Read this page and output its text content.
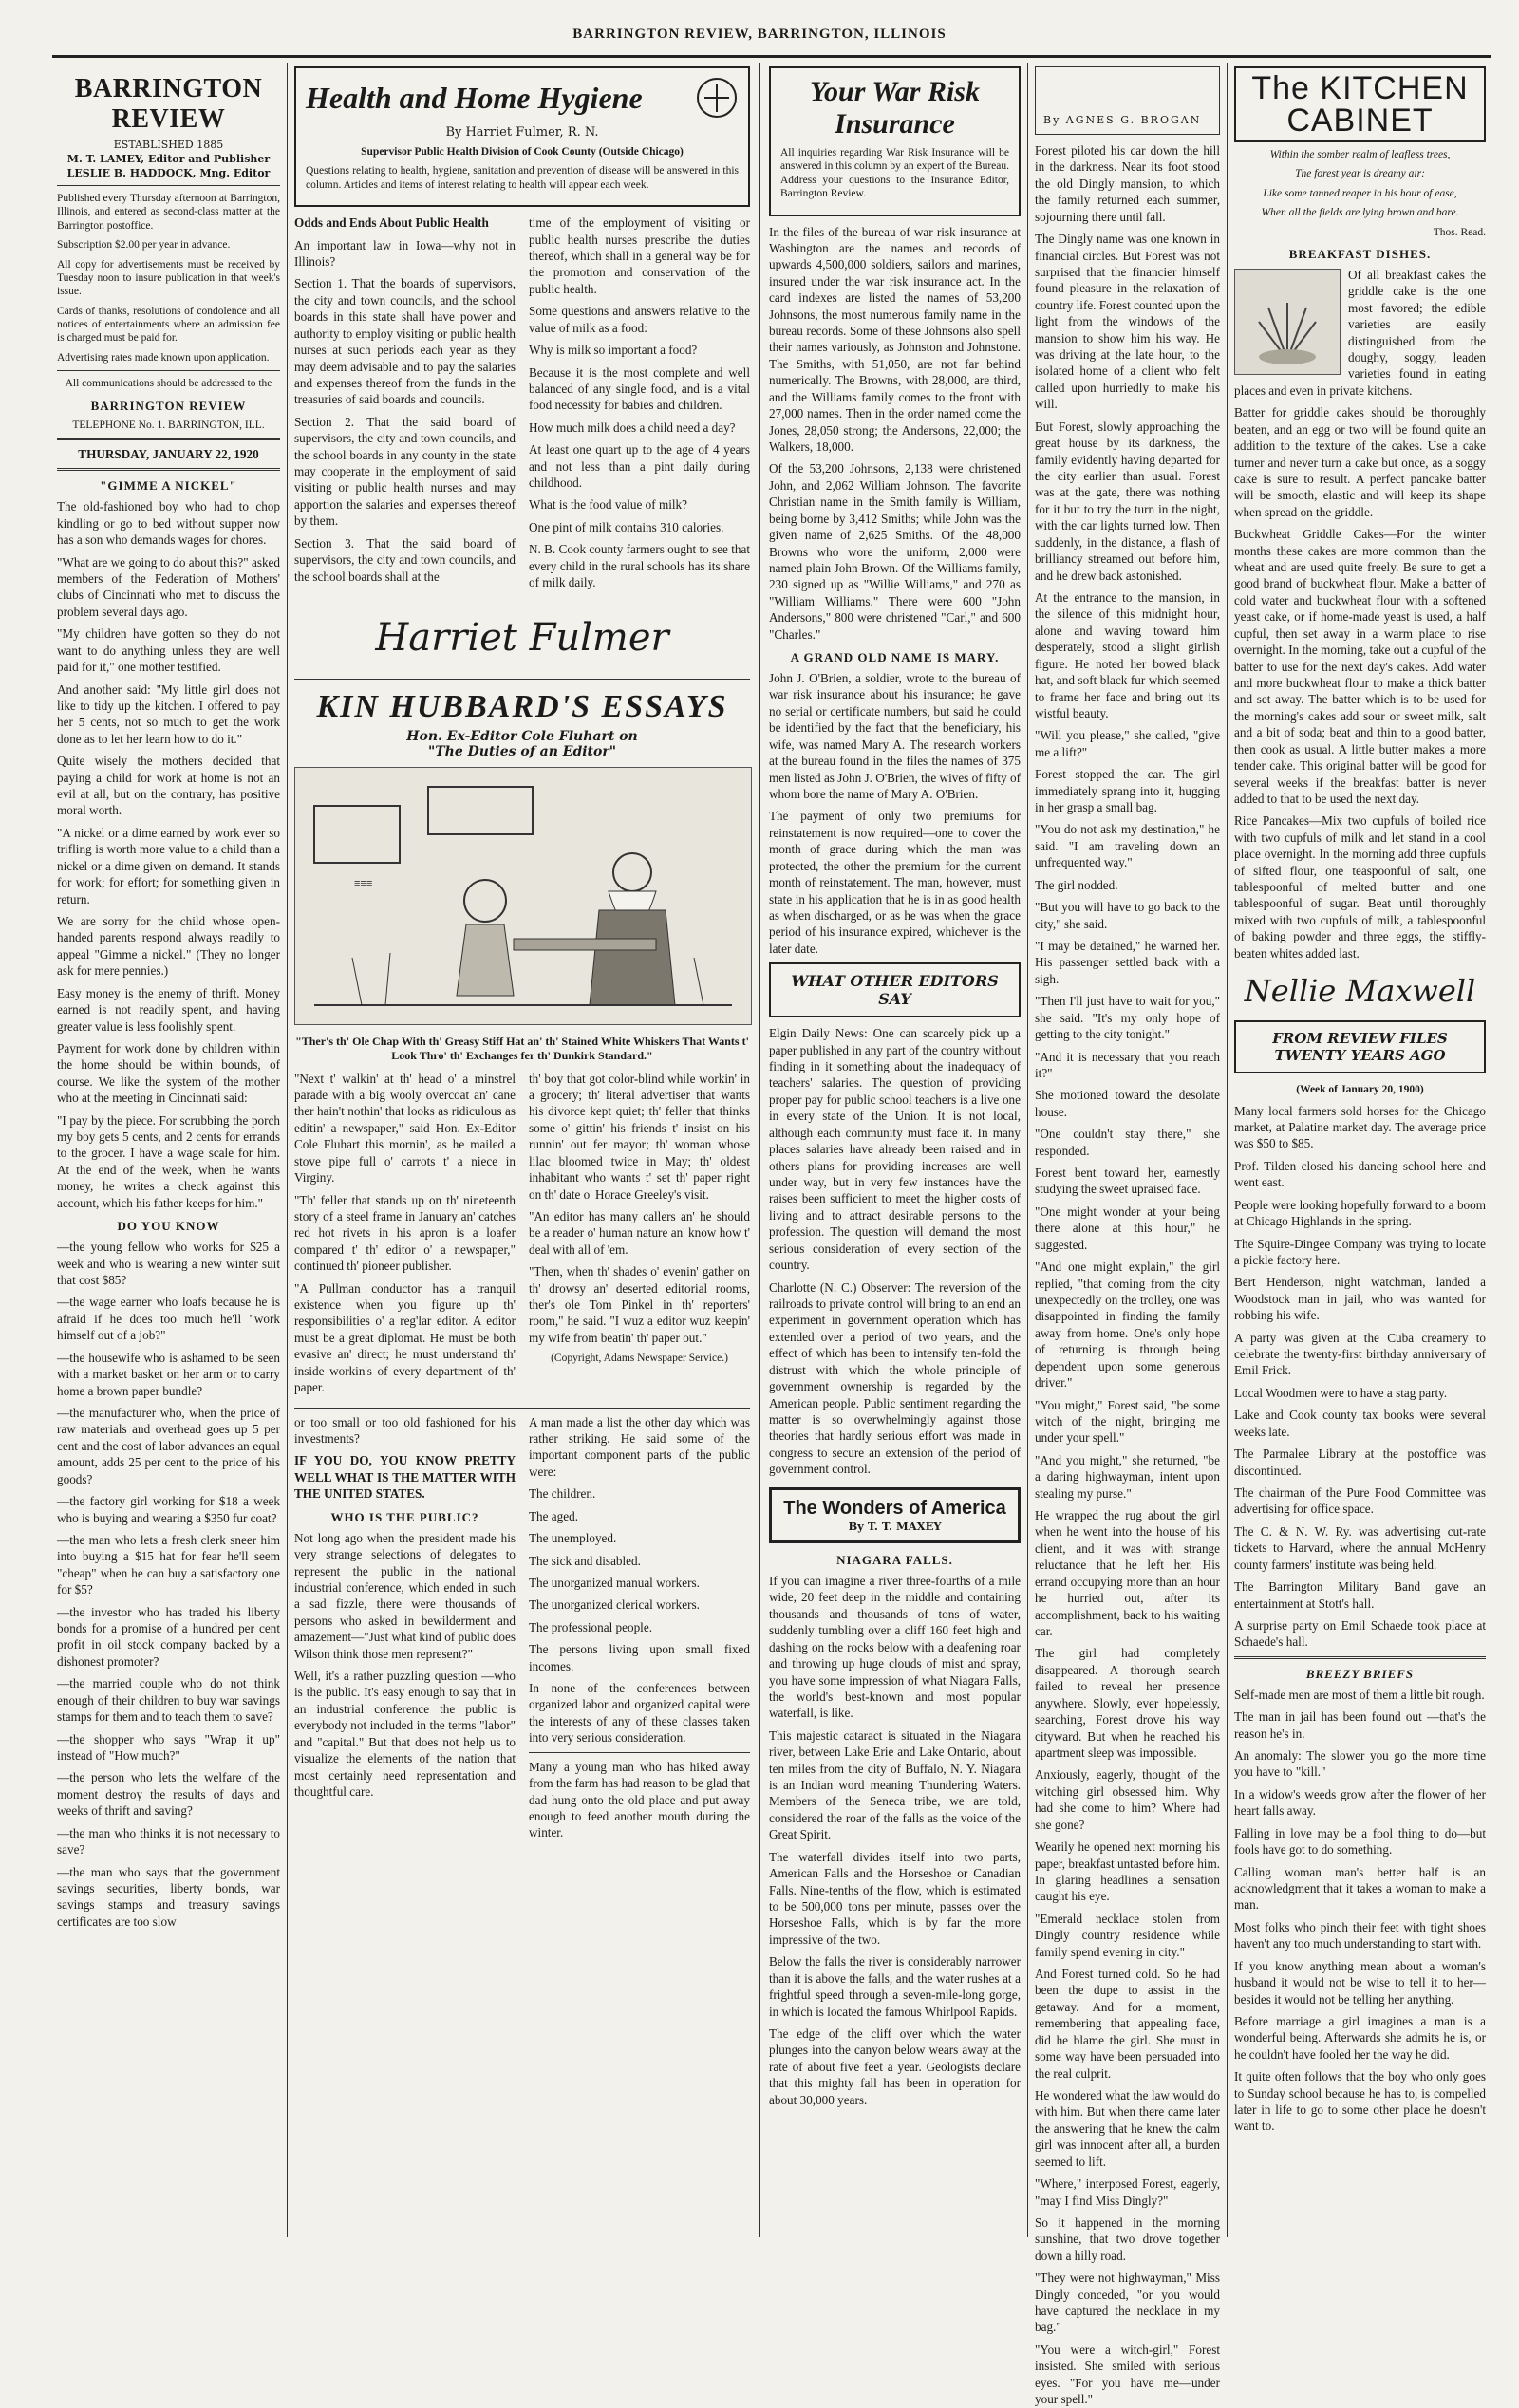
BARRINGTON REVIEW, BARRINGTON, ILLINOIS
BARRINGTON REVIEW
ESTABLISHED 1885
M. T. LAMEY, Editor and Publisher
LESLIE B. HADDOCK, Mng. Editor

Published every Thursday afternoon at Barrington, Illinois, and entered as second-class matter at the Barrington postoffice.

Subscription $2.00 per year in advance.

All copy for advertisements must be received by Tuesday noon to insure publication in that week's issue.

Cards of thanks, resolutions of condolence and all notices of entertainments where an admission fee is charged must be paid for.

Advertising rates made known upon application.

All communications should be addressed to the

BARRINGTON REVIEW

TELEPHONE No. 1. BARRINGTON, ILL.

THURSDAY, JANUARY 22, 1920

"GIMME A NICKEL"

The old-fashioned boy who had to chop kindling or go to bed without supper now has a son who demands wages for chores.

"What are we going to do about this?" asked members of the Federation of Mothers' clubs of Cincinnati who met to discuss the problem several days ago.

"My children have gotten so they do not want to do anything unless they are well paid for it," one mother testified.

And another said: "My little girl does not like to tidy up the kitchen. I offered to pay her 5 cents, not so much to get the work done as to let her learn how to do it."

Quite wisely the mothers decided that paying a child for work at home is not an evil at all, but on the contrary, has positive moral worth.

"A nickel or a dime earned by work ever so trifling is worth more value to a child than a nickel or a dime given on demand. It stands for work; for effort; for something given in return.

We are sorry for the child whose open-handed parents respond always readily to appeal "Gimme a nickel." (They no longer ask for mere pennies.)

Easy money is the enemy of thrift. Money earned is not readily spent, and having greater value is less foolishly spent.

Payment for work done by children within the home should be within bounds, of course. We like the system of the mother who at the meeting in Cincinnati said:

"I pay by the piece. For scrubbing the porch my boy gets 5 cents, and 2 cents for errands to the grocer. I have a wage scale for him. At the end of the week, when he wants money, he writes a check against this account, which his father keeps for him."

DO YOU KNOW

—the young fellow who works for $25 a week and who is wearing a new winter suit that cost $85?

—the wage earner who loafs because he is afraid if he does too much he'll "work himself out of a job?"

—the housewife who is ashamed to be seen with a market basket on her arm or to carry home a brown paper bundle?

—the manufacturer who, when the price of raw materials and overhead goes up 5 per cent and the cost of labor advances an equal amount, adds 25 per cent to the price of his goods?

—the factory girl working for $18 a week who is buying and wearing a $350 fur coat?

—the man who lets a fresh clerk sneer him into buying a $15 hat for fear he'll seem "cheap" when he can buy a satisfactory one for $5?

—the investor who has traded his liberty bonds for a promise of a hundred per cent profit in oil stock company backed by a dishonest promoter?

—the married couple who do not think enough of their children to buy war savings stamps for them and to teach them to save?

—the shopper who says "Wrap it up" instead of "How much?"

—the person who lets the welfare of the moment destroy the results of days and weeks of thrift and saving?

—the man who thinks it is not necessary to save?

—the man who says that the government savings securities, liberty bonds, war savings stamps and treasury savings certificates are too slow

Health and Home Hygiene
By Harriet Fulmer, R. N.

Supervisor Public Health Division of Cook County (Outside Chicago)

Questions relating to health, hygiene, sanitation and prevention of disease will be answered in this column. Articles and items of interest relating to health will appear each week.

Odds and Ends About Public Health

An important law in Iowa—why not in Illinois?

Section 1. That the boards of supervisors, the city and town councils, and the school boards in this state shall have power and authority to employ visiting or public health nurses at such periods each year as they may deem advisable and to pay the salaries and expenses thereof from the funds in the treasuries of said boards and councils.

Section 2. That the said board of supervisors, the city and town councils, and the school boards in any county in the state may cooperate in the employment of said visiting or public health nurses and may apportion the salaries and expenses thereof by them.

Section 3. That the said board of supervisors, the city and town councils, and the school boards shall at the

time of the employment of visiting or public health nurses prescribe the duties thereof, which shall in a general way be for the promotion and conservation of the public health.

Some questions and answers relative to the value of milk as a food:

Why is milk so important a food?

Because it is the most complete and well balanced of any single food, and is a vital food necessity for babies and children.

How much milk does a child need a day?

At least one quart up to the age of 4 years and not less than a pint daily during childhood.

What is the food value of milk?

One pint of milk contains 310 calories.

N. B. Cook county farmers ought to see that every child in the rural schools has its share of milk daily.

Harriet Fulmer
KIN HUBBARD'S ESSAYS
Hon. Ex-Editor Cole Fluhart on
"The Duties of an Editor"
≡≡≡
"Ther's th' Ole Chap With th' Greasy Stiff Hat an' th' Stained White Whiskers That Wants t' Look Thro' th' Exchanges fer th' Dunkirk Standard."

"Next t' walkin' at th' head o' a minstrel parade with a big wooly overcoat an' cane ther hain't nothin' that looks as ridiculous as editin' a newspaper," said Hon. Ex-Editor Cole Fluhart this mornin', as he mailed a stove pipe full o' carrots t' a niece in Virginy.

"Th' feller that stands up on th' nineteenth story of a steel frame in January an' catches red hot rivets in his apron is a loafer compared t' th' editor o' a newspaper," continued th' pioneer publisher.

"A Pullman conductor has a tranquil existence when you figure up th' responsibilities o' a reg'lar editor. A editor must be a great diplomat. He must be both evasive an' direct; he must understand th' inside workin's of every department of th' paper.

th' boy that got color-blind while workin' in a grocery; th' literal advertiser that wants his divorce kept quiet; th' feller that thinks some o' gittin' his friends t' insist on his runnin' out fer mayor; th' woman whose lilac bloomed twice in May; th' oldest inhabitant who wants t' set th' paper right on th' date o' Horace Greeley's visit.

"An editor has many callers an' he should be a reader o' human nature an' know how t' deal with all of 'em.

"Then, when th' shades o' evenin' gather on th' drowsy an' deserted editorial rooms, ther's ole Tom Pinkel in th' reporters' room," he said. "I wuz a editor wuz keepin' my wife from beatin' th' paper out."

(Copyright, Adams Newspaper Service.)

or too small or too old fashioned for his investments?

IF YOU DO, YOU KNOW PRETTY WELL WHAT IS THE MATTER WITH THE UNITED STATES.

WHO IS THE PUBLIC?

Not long ago when the president made his very strange selections of delegates to represent the public in the national industrial conference, which ended in such a sad fizzle, there were thousands of persons who asked in bewilderment and amazement—"Just what kind of public does Wilson think those men represent?"

Well, it's a rather puzzling question —who is the public. It's easy enough to say that in an industrial conference the public is everybody not included in the terms "labor" and "capital." But that does not help us to visualize the elements of the nation that most certainly need representation and thoughtful care.

A man made a list the other day which was rather striking. He said some of the important component parts of the public were:

The children.

The aged.

The unemployed.

The sick and disabled.

The unorganized manual workers.

The unorganized clerical workers.

The professional people.

The persons living upon small fixed incomes.

In none of the conferences between organized labor and organized capital were the interests of any of these classes taken into very serious consideration.

Many a young man who has hiked away from the farm has had reason to be glad that dad hung onto the old place and put away enough to feed another mouth during the winter.

Your War Risk
Insurance

All inquiries regarding War Risk Insurance will be answered in this column by an expert of the Bureau. Address your questions to the Insurance Editor, Barrington Review.

In the files of the bureau of war risk insurance at Washington are the names and records of upwards 4,500,000 soldiers, sailors and marines, insured under the war risk insurance act. In the card indexes are listed the names of 53,200 Johnsons, the most numerous family name in the bureau records. Some of these Johnsons also spell their names variously, as Johnston and Johnstone. The Smiths, with 51,050, are not far behind numerically. The Browns, with 28,000, are third, and the Williams family comes to the front with 27,000 names. Then in the order named come the Jones, 28,050 strong; the Andersons, 22,000; the Walkers, 18,000.

Of the 53,200 Johnsons, 2,138 were christened John, and 2,062 William Johnson. The favorite Christian name in the Smith family is William, being borne by 3,412 Smiths; while John was the given name of 2,625 Smiths. Of the 48,000 Browns who wore the uniform, 2,000 were named plain John Brown. Of the Williams family, 230 signed up as "Willie Williams," and 270 as "William Williams." There were 600 "John Andersons," 800 were christened "Carl," and 600 "Charles."

A GRAND OLD NAME IS MARY.

John J. O'Brien, a soldier, wrote to the bureau of war risk insurance about his insurance; he gave no serial or certificate numbers, but said he could be identified by the fact that the beneficiary, his wife, was named Mary A. The research workers at the bureau found in the files the names of 375 men listed as John J. O'Brien, the wives of fifty of whom bore the name of Mary A. O'Brien.

The payment of only two premiums for reinstatement is now required—one to cover the month of grace during which the man was protected, the other the premium for the current month of reinstatement. The man, however, must state in his application that he is in as good health as when discharged, or as he was when the grace period of his insurance expired, whichever is the later date.

WHAT OTHER EDITORS SAY

Elgin Daily News: One can scarcely pick up a paper published in any part of the country without finding in it something about the inadequacy of teachers' salaries. The question of providing proper pay for public school teachers is a live one in every state of the Union. It is not local, although each community must face it. In many places salaries have already been raised and in others plans for providing increases are well under way, but in very few instances have the raises been sufficient to meet the higher costs of living and to attract desirable persons to the profession. The question will demand the most serious consideration of every section of the country.

Charlotte (N. C.) Observer: The reversion of the railroads to private control will bring to an end an experiment in government operation which has extended over a period of two years, and the effect of which has been to intensify ten-fold the distrust with which the whole principle of government ownership is regarded by the American people. Public sentiment regarding the matter is so overwhelmingly against those theories that hardly serious effort was made in congress to secure an extension of the period of government control.

The Wonders of America
By T. T. MAXEY
NIAGARA FALLS.

If you can imagine a river three-fourths of a mile wide, 20 feet deep in the middle and containing thousands and thousands of tons of water, suddenly tumbling over a cliff 160 feet high and dashing on the rocks below with a deafening roar and throwing up huge clouds of mist and spray, you have some impression of what Niagara Falls, the world's best-known and most popular waterfall, is like.

This majestic cataract is situated in the Niagara river, between Lake Erie and Lake Ontario, about ten miles from the city of Buffalo, N. Y. Niagara is an Indian word meaning Thundering Waters. Members of the Seneca tribe, we are told, considered the roar of the falls as the voice of the Great Spirit.

The waterfall divides itself into two parts, American Falls and the Horseshoe or Canadian Falls. Nine-tenths of the flow, which is estimated to be 500,000 tons per minute, passes over the Horseshoe Falls, which is by far the more impressive of the two.

Below the falls the river is considerably narrower than it is above the falls, and the water rushes at a frightful speed through a seven-mile-long gorge, in which is located the famous Whirlpool Rapids.

The edge of the cliff over which the water plunges into the canyon below wears away at the rate of about five feet a year. Geologists declare that this mighty fall has been in operation for about 30,000 years.

By AGNES G. BROGAN

Forest piloted his car down the hill in the darkness. Near its foot stood the old Dingly mansion, to which the family returned each summer, sojourning there until fall.

The Dingly name was one known in financial circles. But Forest was not surprised that the financier himself found pleasure in the relaxation of country life. Forest counted upon the light from the windows of the mansion to show him his way. He was driving at the late hour, to the isolated home of a client who felt called upon hurriedly to make his will.

But Forest, slowly approaching the great house by its darkness, the family evidently having departed for the city earlier than usual. Forest was at the gate, there was nothing for it but to try the turn in the night, with the car lights turned low. Then suddenly, in the distance, a flash of brilliancy streamed out before him, and he drew back astonished.

At the entrance to the mansion, in the silence of this midnight hour, alone and waving toward him desperately, stood a slight girlish figure. He noted her bowed black hat, and soft black fur which seemed to frame her face and bring out its wistful beauty.

"Will you please," she called, "give me a lift?"

Forest stopped the car. The girl immediately sprang into it, hugging in her grasp a small bag.

"You do not ask my destination," he said. "I am traveling down an unfrequented way."

The girl nodded.

"But you will have to go back to the city," she said.

"I may be detained," he warned her. His passenger settled back with a sigh.

"Then I'll just have to wait for you," she said. "It's my only hope of getting to the city tonight."

"And it is necessary that you reach it?"

She motioned toward the desolate house.

"One couldn't stay there," she responded.

Forest bent toward her, earnestly studying the sweet upraised face.

"One might wonder at your being there alone at this hour," he suggested.

"And one might explain," the girl replied, "that coming from the city unexpectedly on the trolley, one was disappointed in finding the family away from home. One's only hope of returning is through being dependent upon some generous driver."

"You might," Forest said, "be some witch of the night, bringing me under your spell."

"And you might," she returned, "be a daring highwayman, intent upon stealing my purse."

He wrapped the rug about the girl when he went into the house of his client, and it was with strange reluctance that he left her. His errand occupying more than an hour he hurried out, after its accomplishment, back to his waiting car.

The girl had completely disappeared. A thorough search failed to reveal her presence anywhere. Slowly, ever hopelessly, searching, Forest drove his way cityward. But when he reached his apartment sleep was impossible.

Anxiously, eagerly, thought of the witching girl obsessed him. Why had she come to him? Where had she gone?

Wearily he opened next morning his paper, breakfast untasted before him. In glaring headlines a sensation caught his eye.

"Emerald necklace stolen from Dingly country residence while family spend evening in city."

And Forest turned cold. So he had been the dupe to assist in the getaway. And for a moment, remembering that appealing face, did he blame the girl. She must in some way have been persuaded into the real culprit.

He wondered what the law would do with him. But when there came later the answering that he knew the calm girl was innocent after all, a burden seemed to lift.

"Where," interposed Forest, eagerly, "may I find Miss Dingly?"

So it happened in the morning sunshine, that two drove together down a hilly road.

"They were not highwayman," Miss Dingly conceded, "or you would have captured the necklace in my bag."

"You were a witch-girl," Forest insisted. She smiled with serious eyes. "For you have me—under your spell."

The KITCHEN CABINET

Within the somber realm of leafless trees,

The forest year is dreamy air:

Like some tanned reaper in his hour of ease,

When all the fields are lying brown and bare.

—Thos. Read.

BREAKFAST DISHES.

Of all breakfast cakes the griddle cake is the one most favored; the edible varieties are easily distinguished from the doughy, soggy, leaden varieties found in eating places and even in private kitchens.

Batter for griddle cakes should be thoroughly beaten, and an egg or two will be found quite an addition to the texture of the cakes. Use a cake turner and never turn a cake but once, as a soggy cake is sure to result. A perfect pancake batter will be smooth, elastic and will keep its shape when spread on the griddle.

Buckwheat Griddle Cakes—For the winter months these cakes are more common than the wheat and are used quite freely. Be sure to get a good brand of buckwheat flour. Make a batter of cold water and buckwheat flour with a softened yeast cake, or if home-made yeast is used, a half cupful, then set away in a warm place to rise overnight. In the morning, take out a cupful of the batter to use for the next day's cakes. Add water and more buckwheat flour to make a thick batter and set away. The batter which is to be used for the morning's cakes add sour or sweet milk, salt and a bit of soda; beat and thin to a good batter, then cook as usual. A little butter makes a more tender cake. This original batter will be good for several weeks if the breakfast batter is never added to that to be used the next day.

Rice Pancakes—Mix two cupfuls of boiled rice with two cupfuls of milk and let stand in a cool place overnight. In the morning add three cupfuls of sifted flour, one teaspoonful of salt, one tablespoonful of melted butter and one tablespoonful of sugar. Beat until thoroughly mixed with two cupfuls of milk, a tablespoonful of baking powder and three eggs, the stiffly-beaten whites added last.

Nellie Maxwell
FROM REVIEW FILES
TWENTY YEARS AGO

(Week of January 20, 1900)

Many local farmers sold horses for the Chicago market, at Palatine market day. The average price was $50 to $85.

Prof. Tilden closed his dancing school here and went east.

People were looking hopefully forward to a boom at Chicago Highlands in the spring.

The Squire-Dingee Company was trying to locate a pickle factory here.

Bert Henderson, night watchman, landed a Woodstock man in jail, who was wanted for robbing his wife.

A party was given at the Cuba creamery to celebrate the twenty-first birthday anniversary of Emil Frick.

Local Woodmen were to have a stag party.

Lake and Cook county tax books were several weeks late.

The Parmalee Library at the postoffice was discontinued.

The chairman of the Pure Food Committee was advertising for office space.

The C. & N. W. Ry. was advertising cut-rate tickets to Harvard, where the annual McHenry county farmers' institute was being held.

The Barrington Military Band gave an entertainment at Stott's hall.

A surprise party on Emil Schaede took place at Schaede's hall.

BREEZY BRIEFS

Self-made men are most of them a little bit rough.

The man in jail has been found out —that's the reason he's in.

An anomaly: The slower you go the more time you have to "kill."

In a widow's weeds grow after the flower of her heart falls away.

Falling in love may be a fool thing to do—but fools have got to do something.

Calling woman man's better half is an acknowledgment that it takes a woman to make a man.

Most folks who pinch their feet with tight shoes haven't any too much understanding to start with.

If you know anything mean about a woman's husband it would not be wise to tell it to her—besides it would not be telling her anything.

Before marriage a girl imagines a man is a wonderful being. Afterwards she admits he is, or he couldn't have fooled her the way he did.

It quite often follows that the boy who only goes to Sunday school because he has to, is compelled later in life to go to some other place he doesn't want to.
